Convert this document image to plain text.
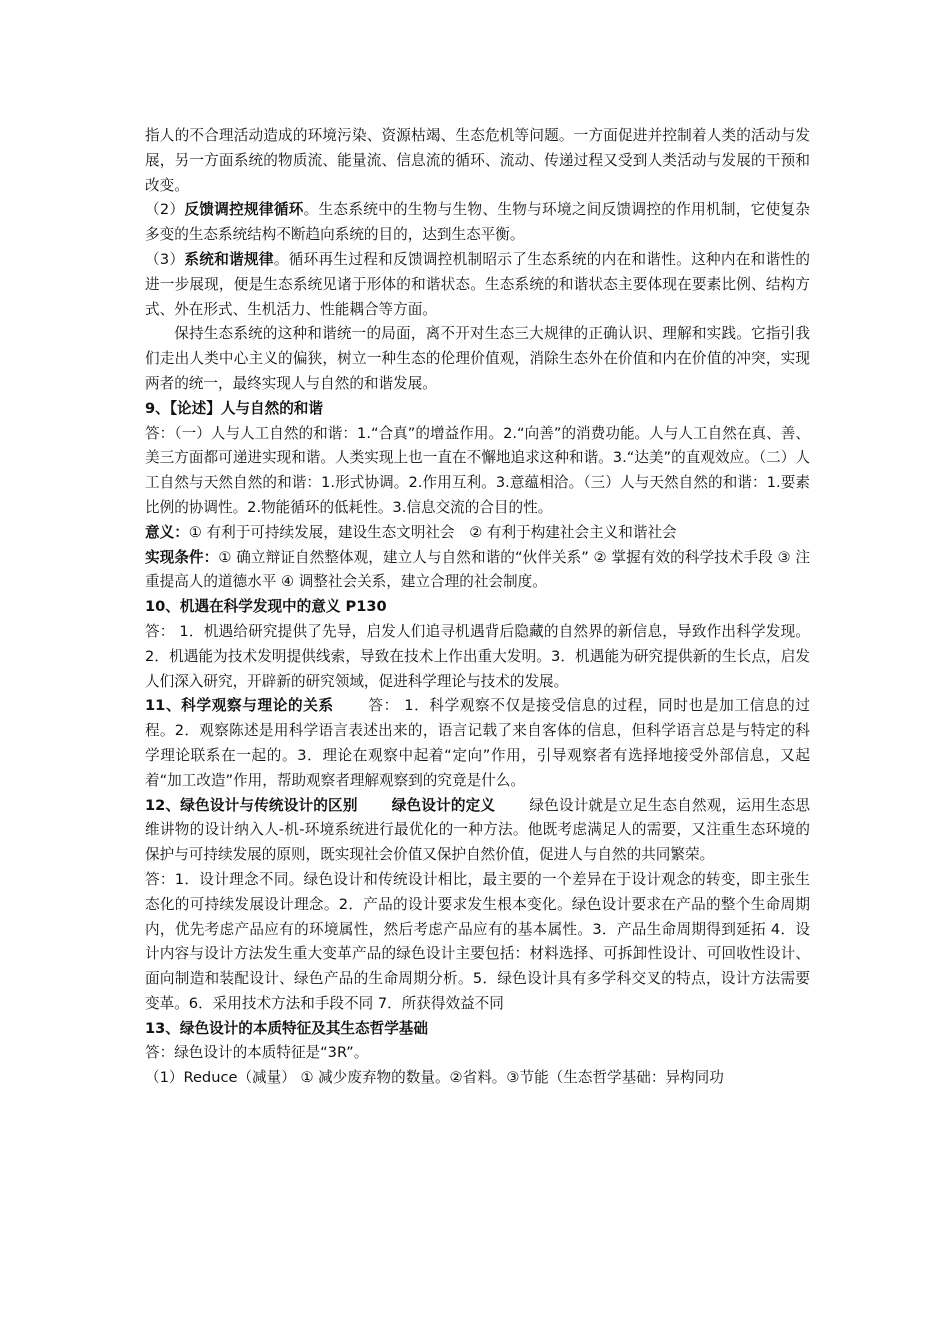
指人的不合理活动造成的环境污染、资源枯竭、生态危机等问题。一方面促进并控制着人类的活动与发展，另一方面系统的物质流、能量流、信息流的循环、流动、传递过程又受到人类活动与发展的干预和改变。

（2）反馈调控规律循环。生态系统中的生物与生物、生物与环境之间反馈调控的作用机制，它使复杂多变的生态系统结构不断趋向系统的目的，达到生态平衡。

（3）系统和谐规律。循环再生过程和反馈调控机制昭示了生态系统的内在和谐性。这种内在和谐性的进一步展现，便是生态系统见诸于形体的和谐状态。生态系统的和谐状态主要体现在要素比例、结构方式、外在形式、生机活力、性能耦合等方面。

保持生态系统的这种和谐统一的局面，离不开对生态三大规律的正确认识、理解和实践。它指引我们走出人类中心主义的偏狭，树立一种生态的伦理价值观，消除生态外在价值和内在价值的冲突，实现两者的统一，最终实现人与自然的和谐发展。

9、【论述】人与自然的和谐

答：（一）人与人工自然的和谐：1.“合真”的增益作用。2.“向善”的消费功能。人与人工自然在真、善、美三方面都可递进实现和谐。人类实现上也一直在不懈地追求这种和谐。3.“达美”的直观效应。（二）人工自然与天然自然的和谐：1.形式协调。2.作用互利。3.意蕴相洽。（三）人与天然自然的和谐：1.要素比例的协调性。2.物能循环的低耗性。3.信息交流的合目的性。

意义：① 有利于可持续发展，建设生态文明社会　② 有利于构建社会主义和谐社会

实现条件：① 确立辩证自然整体观，建立人与自然和谐的“伙伴关系” ② 掌握有效的科学技术手段 ③ 注重提高人的道德水平 ④ 调整社会关系，建立合理的社会制度。

10、机遇在科学发现中的意义 P130

答： 1．机遇给研究提供了先导，启发人们追寻机遇背后隐藏的自然界的新信息，导致作出科学发现。2．机遇能为技术发明提供线索，导致在技术上作出重大发明。3．机遇能为研究提供新的生长点，启发人们深入研究，开辟新的研究领域，促进科学理论与技术的发展。

11、科学观察与理论的关系 答： 1．科学观察不仅是接受信息的过程，同时也是加工信息的过程。2．观察陈述是用科学语言表述出来的，语言记载了来自客体的信息，但科学语言总是与特定的科学理论联系在一起的。3．理论在观察中起着“定向”作用，引导观察者有选择地接受外部信息，又起着“加工改造”作用，帮助观察者理解观察到的究竟是什么。

12、绿色设计与传统设计的区别 绿色设计的定义 绿色设计就是立足生态自然观，运用生态思维讲物的设计纳入人-机-环境系统进行最优化的一种方法。他既考虑满足人的需要，又注重生态环境的保护与可持续发展的原则，既实现社会价值又保护自然价值，促进人与自然的共同繁荣。

答：1．设计理念不同。绿色设计和传统设计相比，最主要的一个差异在于设计观念的转变，即主张生态化的可持续发展设计理念。2．产品的设计要求发生根本变化。绿色设计要求在产品的整个生命周期内，优先考虑产品应有的环境属性，然后考虑产品应有的基本属性。3．产品生命周期得到延拓 4．设计内容与设计方法发生重大变革产品的绿色设计主要包括：材料选择、可拆卸性设计、可回收性设计、面向制造和装配设计、绿色产品的生命周期分析。5．绿色设计具有多学科交叉的特点，设计方法需要变革。6．采用技术方法和手段不同 7．所获得效益不同

13、绿色设计的本质特征及其生态哲学基础

答：绿色设计的本质特征是“3R”。

（1）Reduce（减量） ① 减少废弃物的数量。②省料。③节能（生态哲学基础：异构同功
